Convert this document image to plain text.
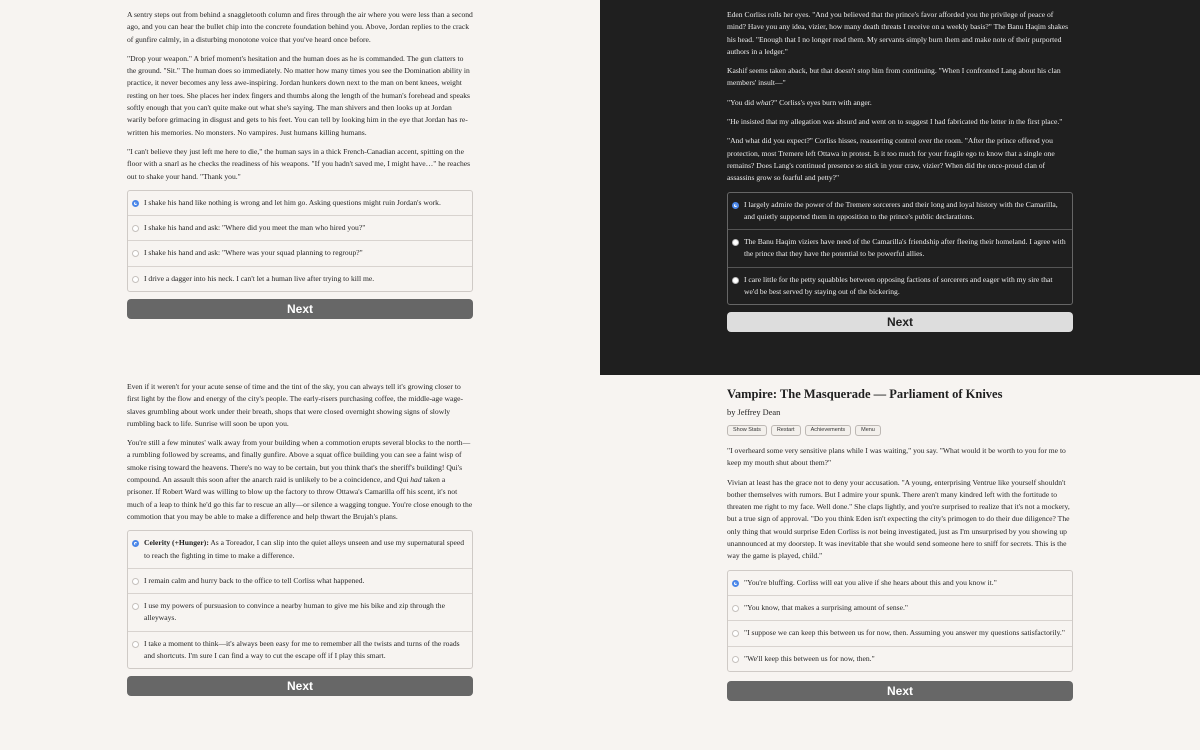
A sentry steps out from behind a snaggletooth column and fires through the air where you were less than a second ago, and you can hear the bullet chip into the concrete foundation behind you. Above, Jordan replies to the crack of gunfire calmly, in a disturbing monotone voice that you've heard once before.

"Drop your weapon." A brief moment's hesitation and the human does as he is commanded. The gun clatters to the ground. "Sit." The human does so immediately. No matter how many times you see the Domination ability in practice, it never becomes any less awe-inspiring. Jordan hunkers down next to the man on bent knees, weight resting on her toes. She places her index fingers and thumbs along the length of the human's forehead and speaks softly enough that you can't quite make out what she's saying. The man shivers and then looks up at Jordan warily before grimacing in disgust and gets to his feet. You can tell by looking him in the eye that Jordan has re-written his memories. No monsters. No vampires. Just humans killing humans.

"I can't believe they just left me here to die," the human says in a thick French-Canadian accent, spitting on the floor with a snarl as he checks the readiness of his weapons. "If you hadn't saved me, I might have…" he reaches out to shake your hand. "Thank you."

I shake his hand like nothing is wrong and let him go. Asking questions might ruin Jordan's work.
I shake his hand and ask: "Where did you meet the man who hired you?"
I shake his hand and ask: "Where was your squad planning to regroup?"
I drive a dagger into his neck. I can't let a human live after trying to kill me.
Next

Eden Corliss rolls her eyes. "And you believed that the prince's favor afforded you the privilege of peace of mind? Have you any idea, vizier, how many death threats I receive on a weekly basis?" The Banu Haqim shakes his head. "Enough that I no longer read them. My servants simply burn them and make note of their purported authors in a ledger."

Kashif seems taken aback, but that doesn't stop him from continuing. "When I confronted Lang about his clan members' insult—"

"You did what?" Corliss's eyes burn with anger.

"He insisted that my allegation was absurd and went on to suggest I had fabricated the letter in the first place."

"And what did you expect?" Corliss hisses, reasserting control over the room. "After the prince offered you protection, most Tremere left Ottawa in protest. Is it too much for your fragile ego to know that a single one remains? Does Lang's continued presence so stick in your craw, vizier? When did the once-proud clan of assassins grow so fearful and petty?"

I largely admire the power of the Tremere sorcerers and their long and loyal history with the Camarilla, and quietly supported them in opposition to the prince's public declarations.
The Banu Haqim viziers have need of the Camarilla's friendship after fleeing their homeland. I agree with the prince that they have the potential to be powerful allies.
I care little for the petty squabbles between opposing factions of sorcerers and eager with my sire that we'd be best served by staying out of the bickering.
Next

Even if it weren't for your acute sense of time and the tint of the sky, you can always tell it's growing closer to first light by the flow and energy of the city's people. The early-risers purchasing coffee, the middle-age wage-slaves grumbling about work under their breath, shops that were closed overnight showing signs of slowly rumbling back to life. Sunrise will soon be upon you.

You're still a few minutes' walk away from your building when a commotion erupts several blocks to the north—a rumbling followed by screams, and finally gunfire. Above a squat office building you can see a faint wisp of smoke rising toward the heavens. There's no way to be certain, but you think that's the sheriff's building! Qui's compound. An assault this soon after the anarch raid is unlikely to be a coincidence, and Qui had taken a prisoner. If Robert Ward was willing to blow up the factory to throw Ottawa's Camarilla off his scent, it's not much of a leap to think he'd go this far to rescue an ally—or silence a wagging tongue. You're close enough to the commotion that you may be able to make a difference and help thwart the Brujah's plans.

Celerity (+Hunger): As a Toreador, I can slip into the quiet alleys unseen and use my supernatural speed to reach the fighting in time to make a difference.
I remain calm and hurry back to the office to tell Corliss what happened.
I use my powers of pursuasion to convince a nearby human to give me his bike and zip through the alleyways.
I take a moment to think—it's always been easy for me to remember all the twists and turns of the roads and shortcuts. I'm sure I can find a way to cut the escape off if I play this smart.
Next
Vampire: The Masquerade — Parliament of Knives
by Jeffrey Dean
Show Stats	Restart	Achievements	Menu

"I overheard some very sensitive plans while I was waiting," you say. "What would it be worth to you for me to keep my mouth shut about them?"

Vivian at least has the grace not to deny your accusation. "A young, enterprising Ventrue like yourself shouldn't bother themselves with rumors. But I admire your spunk. There aren't many kindred left with the fortitude to threaten me right to my face. Well done." She claps lightly, and you're surprised to realize that it's not a mockery, but a true sign of approval. "Do you think Eden isn't expecting the city's primogen to do their due diligence? The only thing that would surprise Eden Corliss is not being investigated, just as I'm unsurprised by you showing up unannounced at my doorstep. It was inevitable that she would send someone here to sniff for secrets. This is the way the game is played, child."

"You're bluffing. Corliss will eat you alive if she hears about this and you know it."
"You know, that makes a surprising amount of sense."
"I suppose we can keep this between us for now, then. Assuming you answer my questions satisfactorily."
"We'll keep this between us for now, then."
Next
